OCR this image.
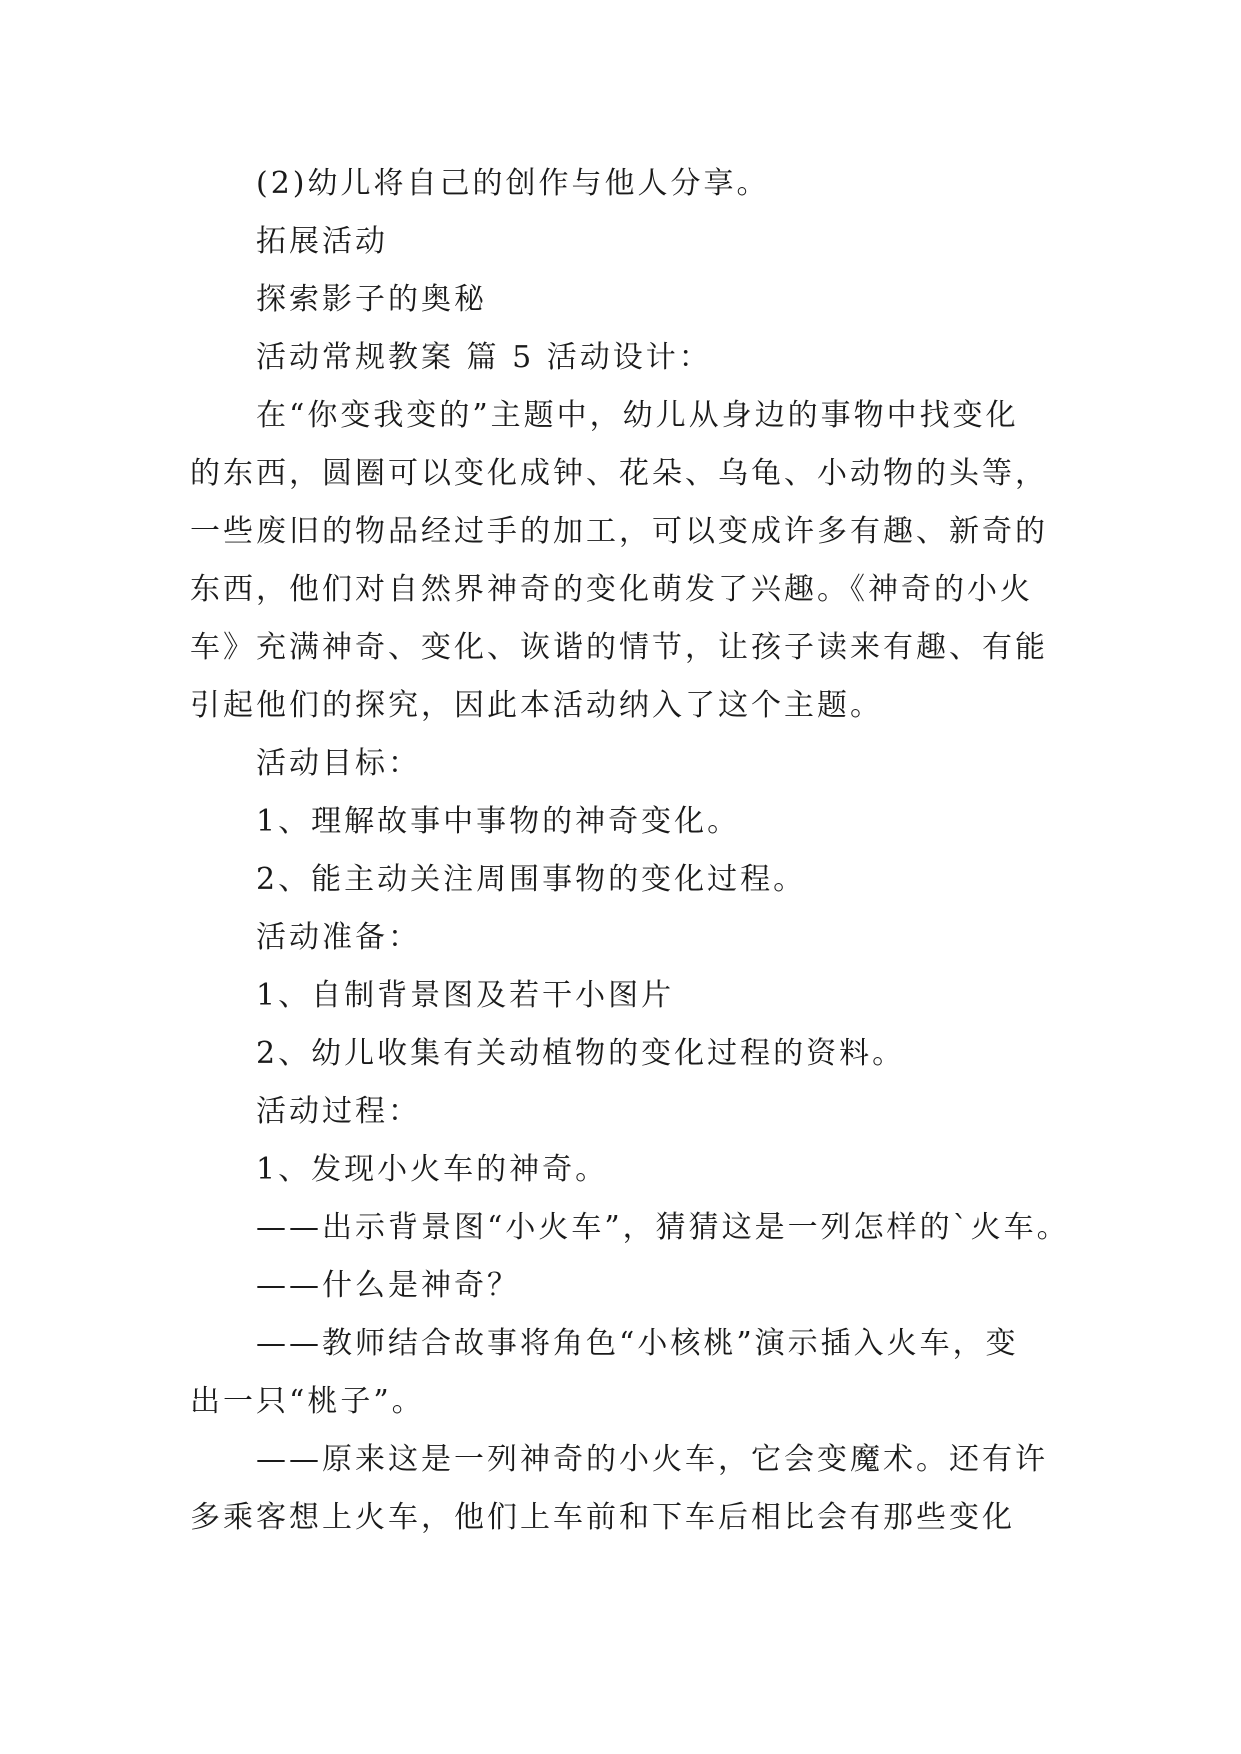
(2)幼儿将自己的创作与他人分享。

拓展活动

探索影子的奥秘

活动常规教案 篇 5 活动设计：

在“你变我变的”主题中，幼儿从身边的事物中找变化

的东西，圆圈可以变化成钟、花朵、乌龟、小动物的头等，

一些废旧的物品经过手的加工，可以变成许多有趣、新奇的

东西，他们对自然界神奇的变化萌发了兴趣。《神奇的小火

车》充满神奇、变化、诙谐的情节，让孩子读来有趣、有能

引起他们的探究，因此本活动纳入了这个主题。

活动目标：

1、理解故事中事物的神奇变化。

2、能主动关注周围事物的变化过程。

活动准备：

1、自制背景图及若干小图片

2、幼儿收集有关动植物的变化过程的资料。

活动过程：

1、发现小火车的神奇。

——出示背景图“小火车”，猜猜这是一列怎样的`火车。

——什么是神奇？

——教师结合故事将角色“小核桃”演示插入火车，变

出一只“桃子”。

——原来这是一列神奇的小火车，它会变魔术。还有许

多乘客想上火车，他们上车前和下车后相比会有那些变化
